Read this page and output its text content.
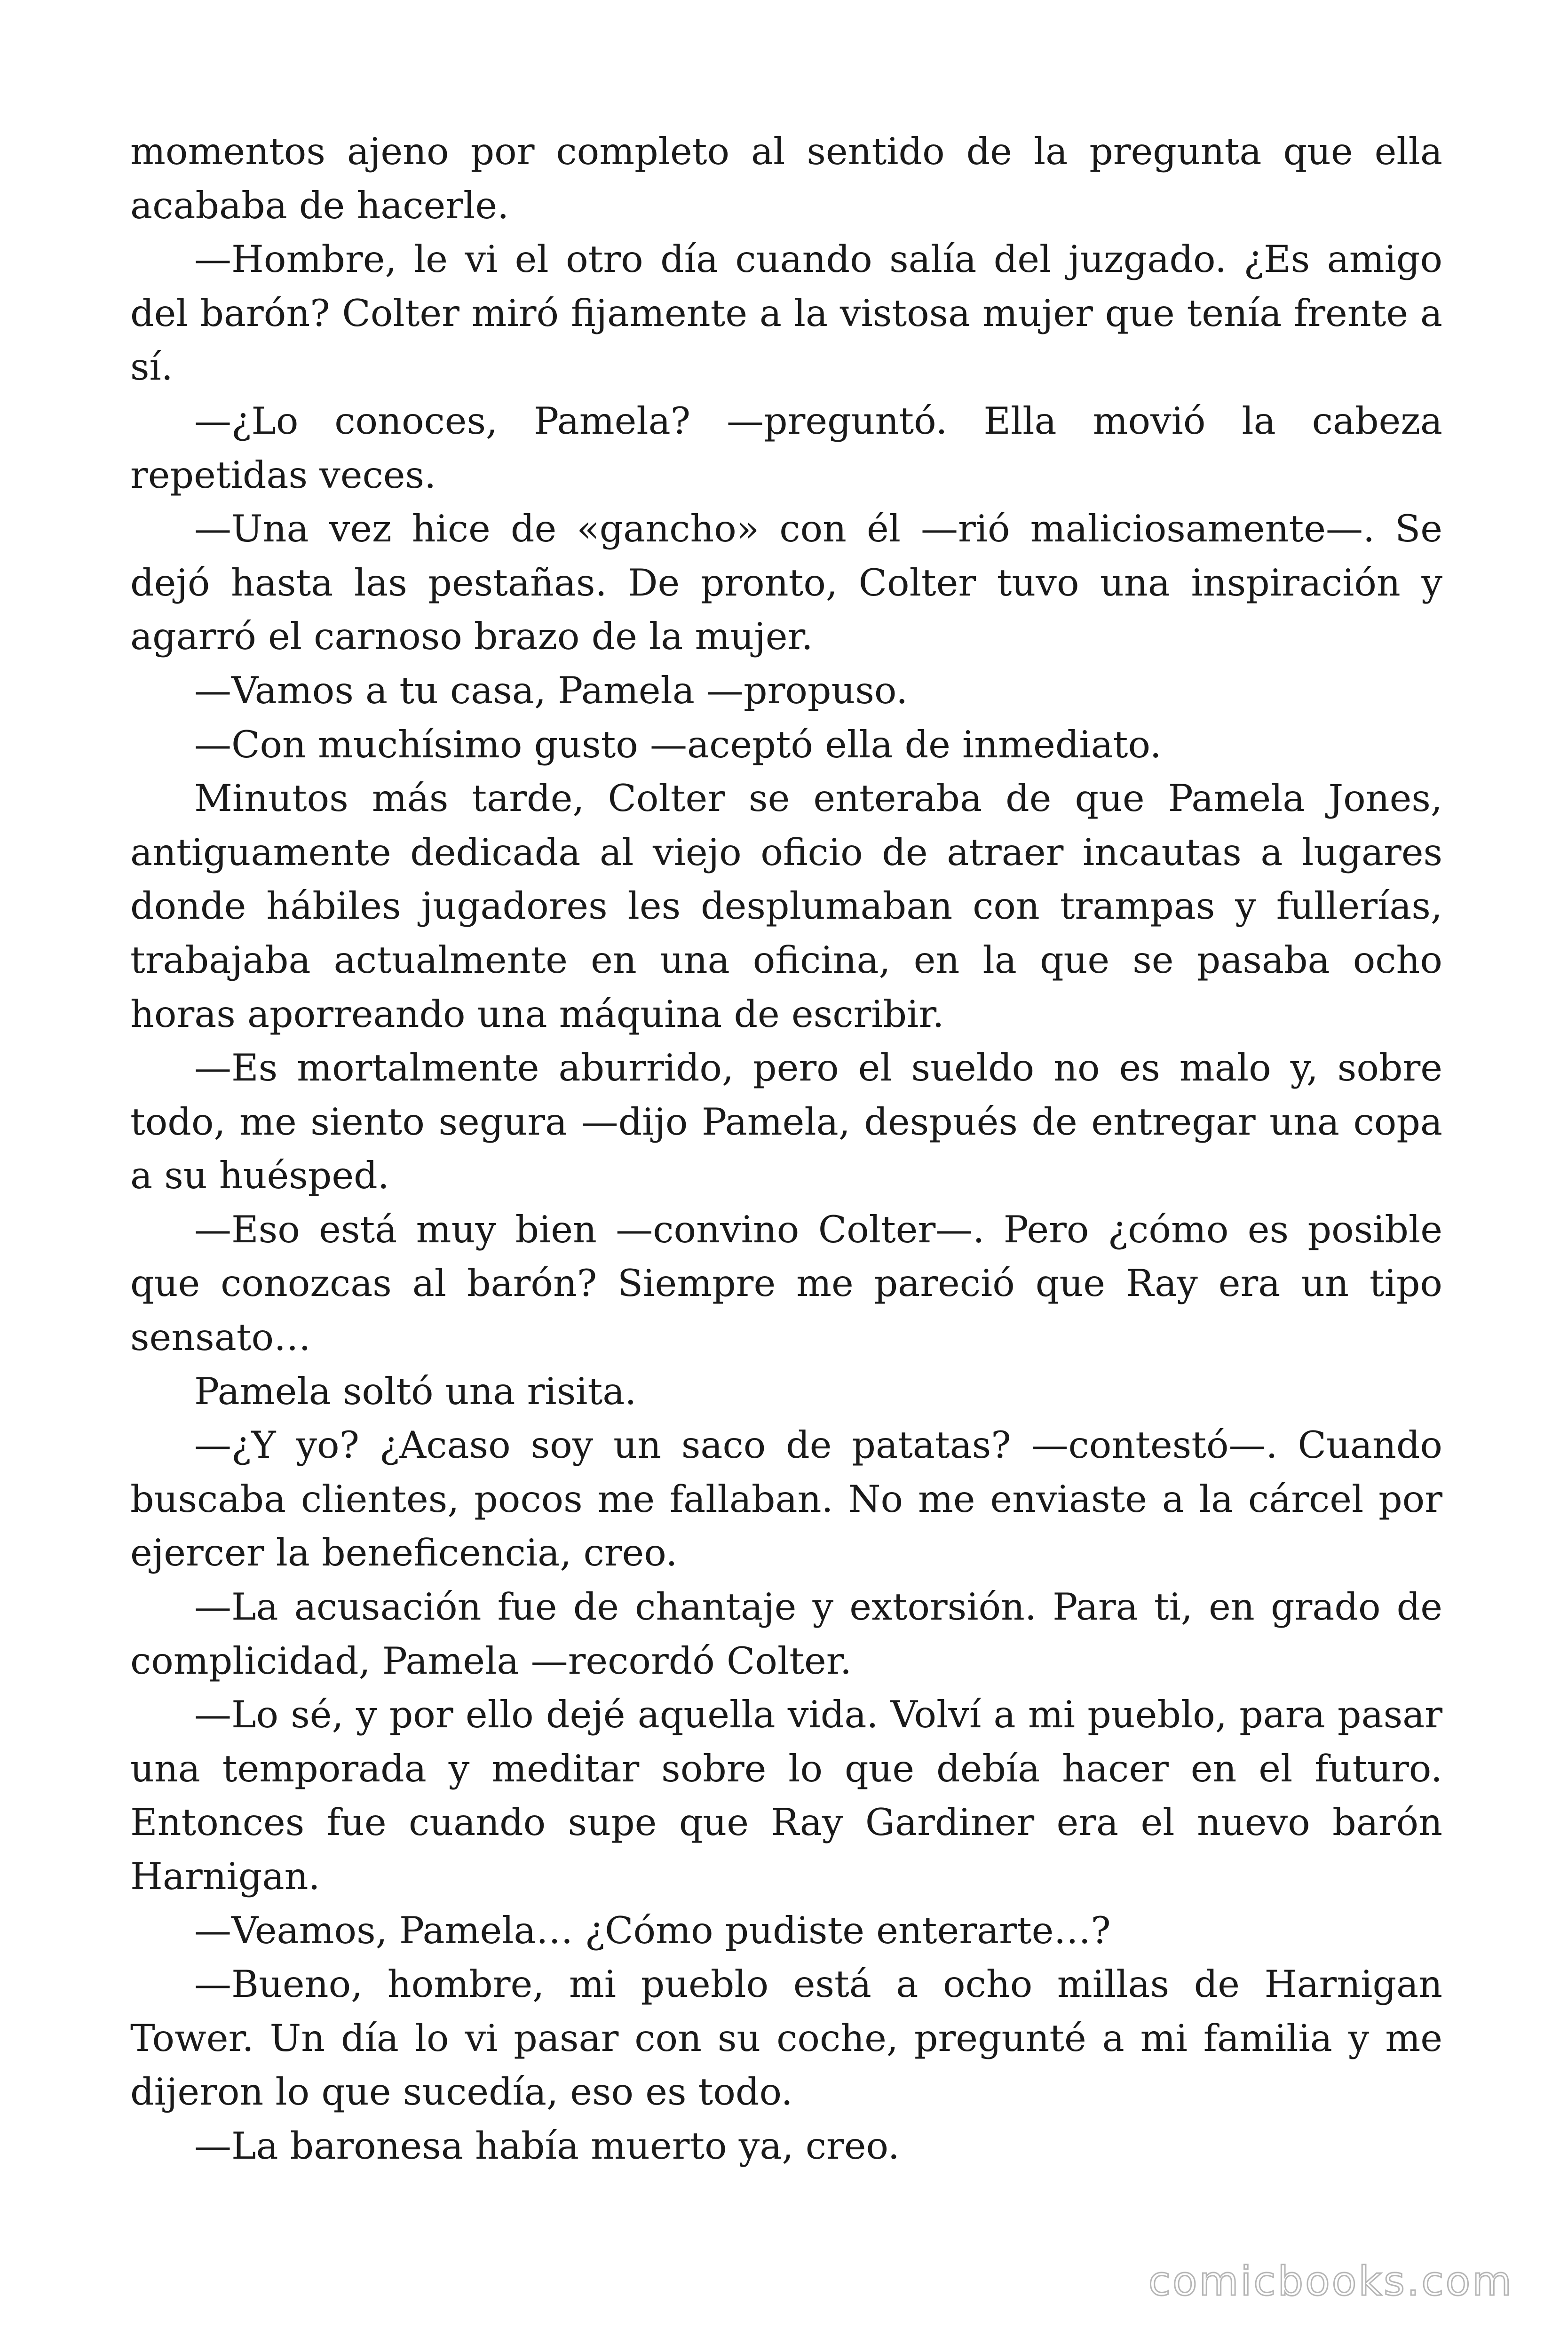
momentos ajeno por completo al sentido de la pregunta que ella acababa de hacerle.

—Hombre, le vi el otro día cuando salía del juzgado. ¿Es amigo del barón? Colter miró fijamente a la vistosa mujer que tenía frente a sí.

—¿Lo conoces, Pamela? —preguntó. Ella movió la cabeza repetidas veces.

—Una vez hice de «gancho» con él —rió maliciosamente—. Se dejó hasta las pestañas. De pronto, Colter tuvo una inspiración y agarró el carnoso brazo de la mujer.

—Vamos a tu casa, Pamela —propuso.

—Con muchísimo gusto —aceptó ella de inmediato.

Minutos más tarde, Colter se enteraba de que Pamela Jones, antiguamente dedicada al viejo oficio de atraer incautas a lugares donde hábiles jugadores les desplumaban con trampas y fullerías, trabajaba actualmente en una oficina, en la que se pasaba ocho horas aporreando una máquina de escribir.

—Es mortalmente aburrido, pero el sueldo no es malo y, sobre todo, me siento segura —dijo Pamela, después de entregar una copa a su huésped.

—Eso está muy bien —convino Colter—. Pero ¿cómo es posible que conozcas al barón? Siempre me pareció que Ray era un tipo sensato…

Pamela soltó una risita.

—¿Y yo? ¿Acaso soy un saco de patatas? —contestó—. Cuando buscaba clientes, pocos me fallaban. No me enviaste a la cárcel por ejercer la beneficencia, creo.

—La acusación fue de chantaje y extorsión. Para ti, en grado de complicidad, Pamela —recordó Colter.

—Lo sé, y por ello dejé aquella vida. Volví a mi pueblo, para pasar una temporada y meditar sobre lo que debía hacer en el futuro. Entonces fue cuando supe que Ray Gardiner era el nuevo barón Harnigan.

—Veamos, Pamela… ¿Cómo pudiste enterarte…?

—Bueno, hombre, mi pueblo está a ocho millas de Harnigan Tower. Un día lo vi pasar con su coche, pregunté a mi familia y me dijeron lo que sucedía, eso es todo.

—La baronesa había muerto ya, creo.

comicbooks.com
